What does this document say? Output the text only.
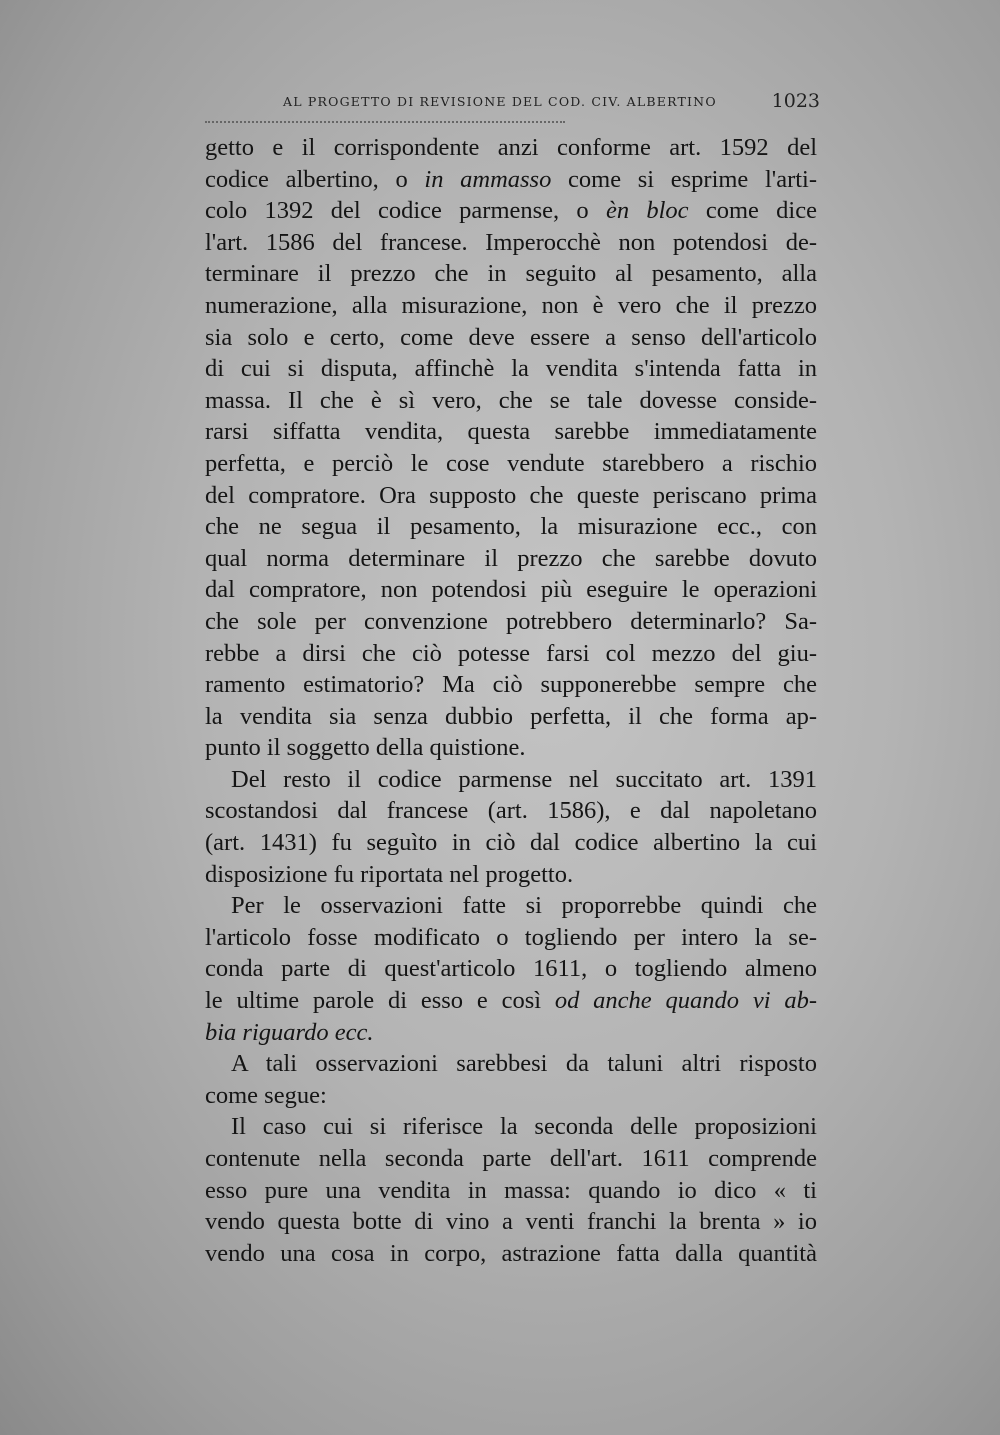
AL PROGETTO DI REVISIONE DEL COD. CIV. ALBERTINO	1023
getto e il corrispondente anzi conforme art. 1592 del
codice albertino, o in ammasso come si esprime l'arti-
colo 1392 del codice parmense, o èn bloc come dice
l'art. 1586 del francese. Imperocchè non potendosi de-
terminare il prezzo che in seguito al pesamento, alla
numerazione, alla misurazione, non è vero che il prezzo
sia solo e certo, come deve essere a senso dell'articolo
di cui si disputa, affinchè la vendita s'intenda fatta in
massa. Il che è sì vero, che se tale dovesse conside-
rarsi siffatta vendita, questa sarebbe immediatamente
perfetta, e perciò le cose vendute starebbero a rischio
del compratore. Ora supposto che queste periscano prima
che ne segua il pesamento, la misurazione ecc., con
qual norma determinare il prezzo che sarebbe dovuto
dal compratore, non potendosi più eseguire le operazioni
che sole per convenzione potrebbero determinarlo? Sa-
rebbe a dirsi che ciò potesse farsi col mezzo del giu-
ramento estimatorio? Ma ciò supponerebbe sempre che
la vendita sia senza dubbio perfetta, il che forma ap-
punto il soggetto della quistione.
Del resto il codice parmense nel succitato art. 1391
scostandosi dal francese (art. 1586), e dal napoletano
(art. 1431) fu seguìto in ciò dal codice albertino la cui
disposizione fu riportata nel progetto.
Per le osservazioni fatte si proporrebbe quindi che
l'articolo fosse modificato o togliendo per intero la se-
conda parte di quest'articolo 1611, o togliendo almeno
le ultime parole di esso e così od anche quando vi ab-
bia riguardo ecc.
A tali osservazioni sarebbesi da taluni altri risposto
come segue:
Il caso cui si riferisce la seconda delle proposizioni
contenute nella seconda parte dell'art. 1611 comprende
esso pure una vendita in massa: quando io dico « ti
vendo questa botte di vino a venti franchi la brenta » io
vendo una cosa in corpo, astrazione fatta dalla quantità
